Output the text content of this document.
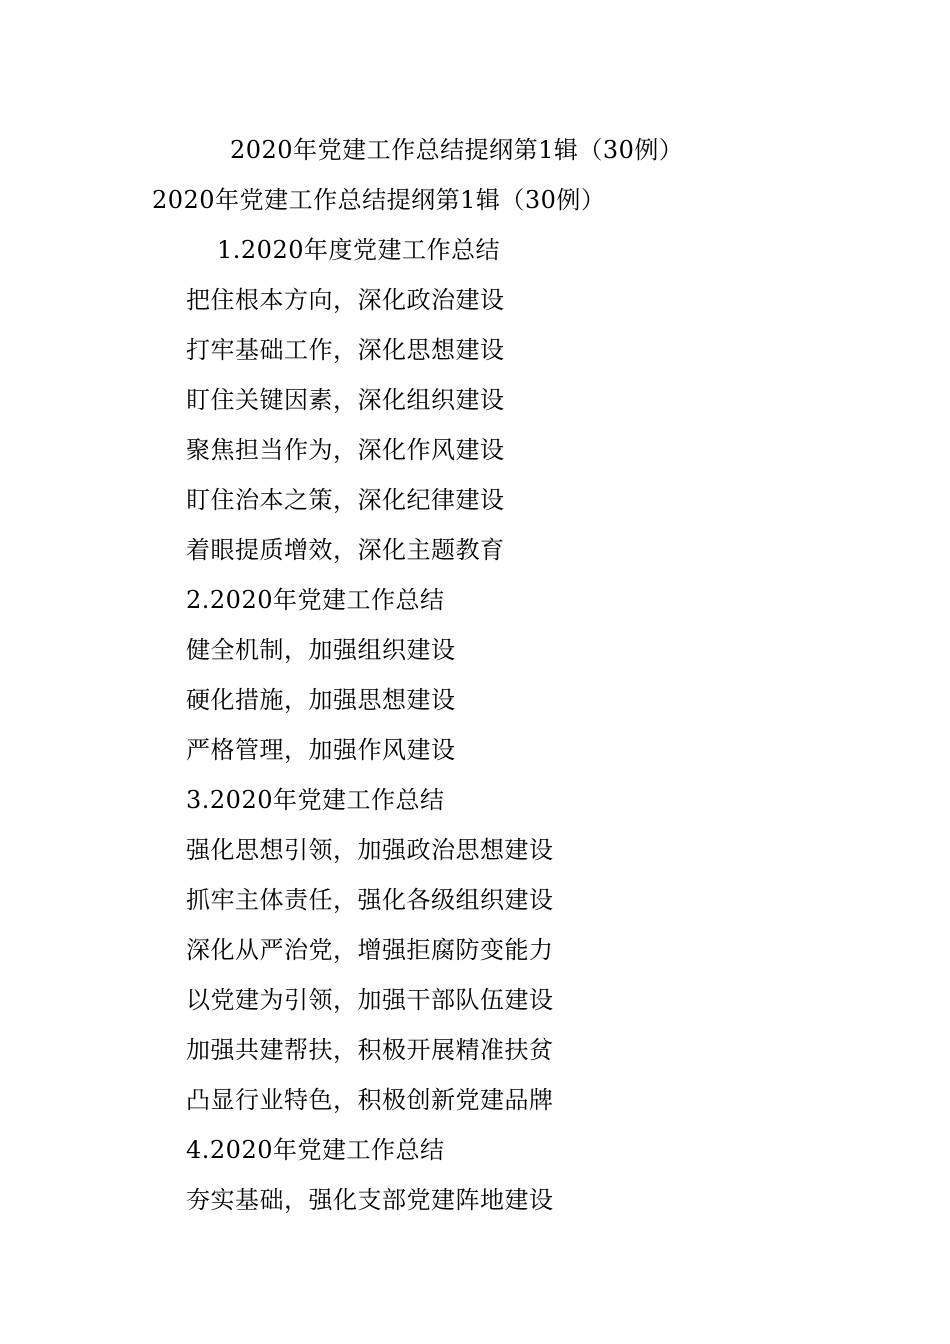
2020年党建工作总结提纲第1辑（30例）
2020年党建工作总结提纲第1辑（30例）
1.2020年度党建工作总结
把住根本方向，深化政治建设
打牢基础工作，深化思想建设
盯住关键因素，深化组织建设
聚焦担当作为，深化作风建设
盯住治本之策，深化纪律建设
着眼提质增效，深化主题教育
2.2020年党建工作总结
健全机制，加强组织建设
硬化措施，加强思想建设
严格管理，加强作风建设
3.2020年党建工作总结
强化思想引领，加强政治思想建设
抓牢主体责任，强化各级组织建设
深化从严治党，增强拒腐防变能力
以党建为引领，加强干部队伍建设
加强共建帮扶，积极开展精准扶贫
凸显行业特色，积极创新党建品牌
4.2020年党建工作总结
夯实基础，强化支部党建阵地建设
